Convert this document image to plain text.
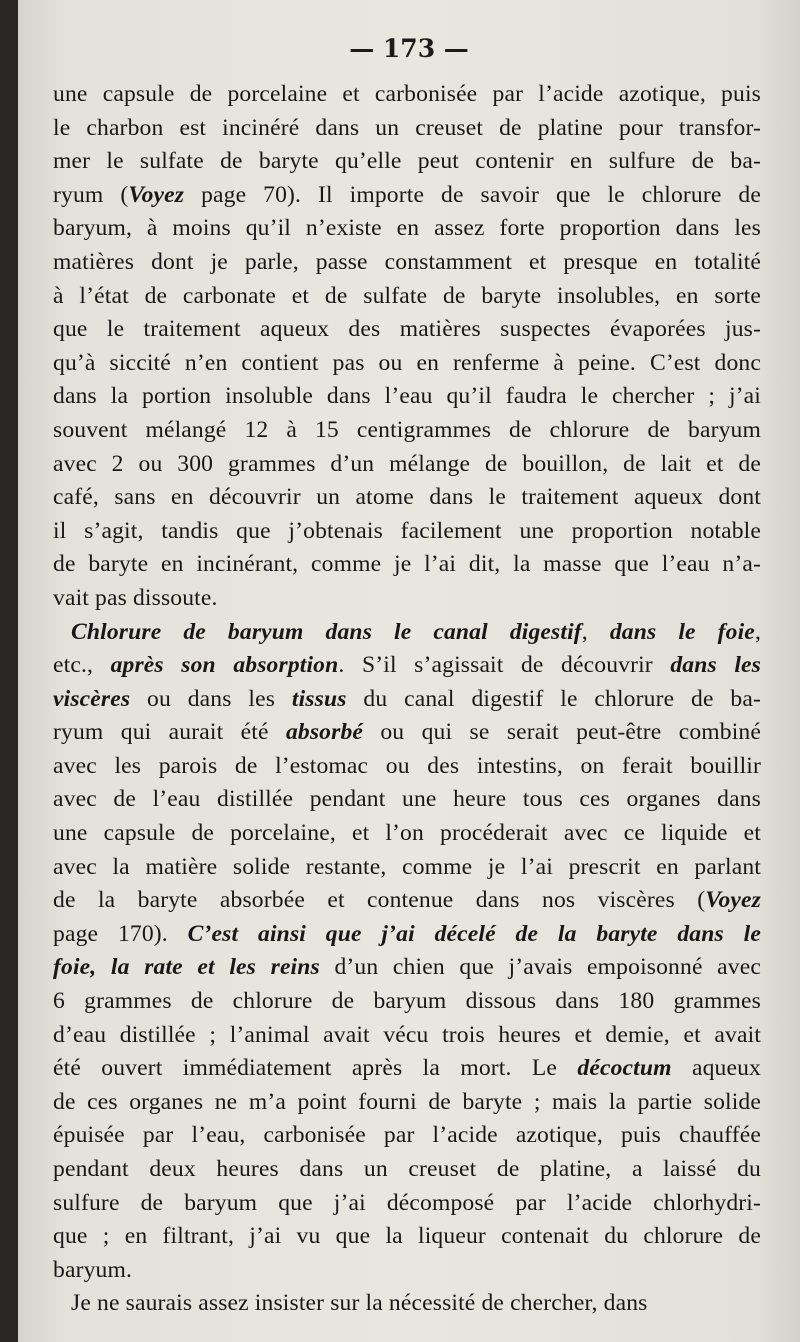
— 173 —

une capsule de porcelaine et carbonisée par l’acide azotique, puis
le charbon est incinéré dans un creuset de platine pour transfor-
mer le sulfate de baryte qu’elle peut contenir en sulfure de ba-
ryum (Voyez page 70). Il importe de savoir que le chlorure de
baryum, à moins qu’il n’existe en assez forte proportion dans les
matières dont je parle, passe constamment et presque en totalité
à l’état de carbonate et de sulfate de baryte insolubles, en sorte
que le traitement aqueux des matières suspectes évaporées jus-
qu’à siccité n’en contient pas ou en renferme à peine. C’est donc
dans la portion insoluble dans l’eau qu’il faudra le chercher ; j’ai
souvent mélangé 12 à 15 centigrammes de chlorure de baryum
avec 2 ou 300 grammes d’un mélange de bouillon, de lait et de
café, sans en découvrir un atome dans le traitement aqueux dont
il s’agit, tandis que j’obtenais facilement une proportion notable
de baryte en incinérant, comme je l’ai dit, la masse que l’eau n’a-
vait pas dissoute.

Chlorure de baryum dans le canal digestif, dans le foie,
etc., après son absorption. S’il s’agissait de découvrir dans les
viscères ou dans les tissus du canal digestif le chlorure de ba-
ryum qui aurait été absorbé ou qui se serait peut-être combiné
avec les parois de l’estomac ou des intestins, on ferait bouillir
avec de l’eau distillée pendant une heure tous ces organes dans
une capsule de porcelaine, et l’on procéderait avec ce liquide et
avec la matière solide restante, comme je l’ai prescrit en parlant
de la baryte absorbée et contenue dans nos viscères (Voyez
page 170). C’est ainsi que j’ai décelé de la baryte dans le
foie, la rate et les reins d’un chien que j’avais empoisonné avec
6 grammes de chlorure de baryum dissous dans 180 grammes
d’eau distillée ; l’animal avait vécu trois heures et demie, et avait
été ouvert immédiatement après la mort. Le décoctum aqueux
de ces organes ne m’a point fourni de baryte ; mais la partie solide
épuisée par l’eau, carbonisée par l’acide azotique, puis chauffée
pendant deux heures dans un creuset de platine, a laissé du
sulfure de baryum que j’ai décomposé par l’acide chlorhydri-
que ; en filtrant, j’ai vu que la liqueur contenait du chlorure de
baryum.

Je ne saurais assez insister sur la nécessité de chercher, dans
